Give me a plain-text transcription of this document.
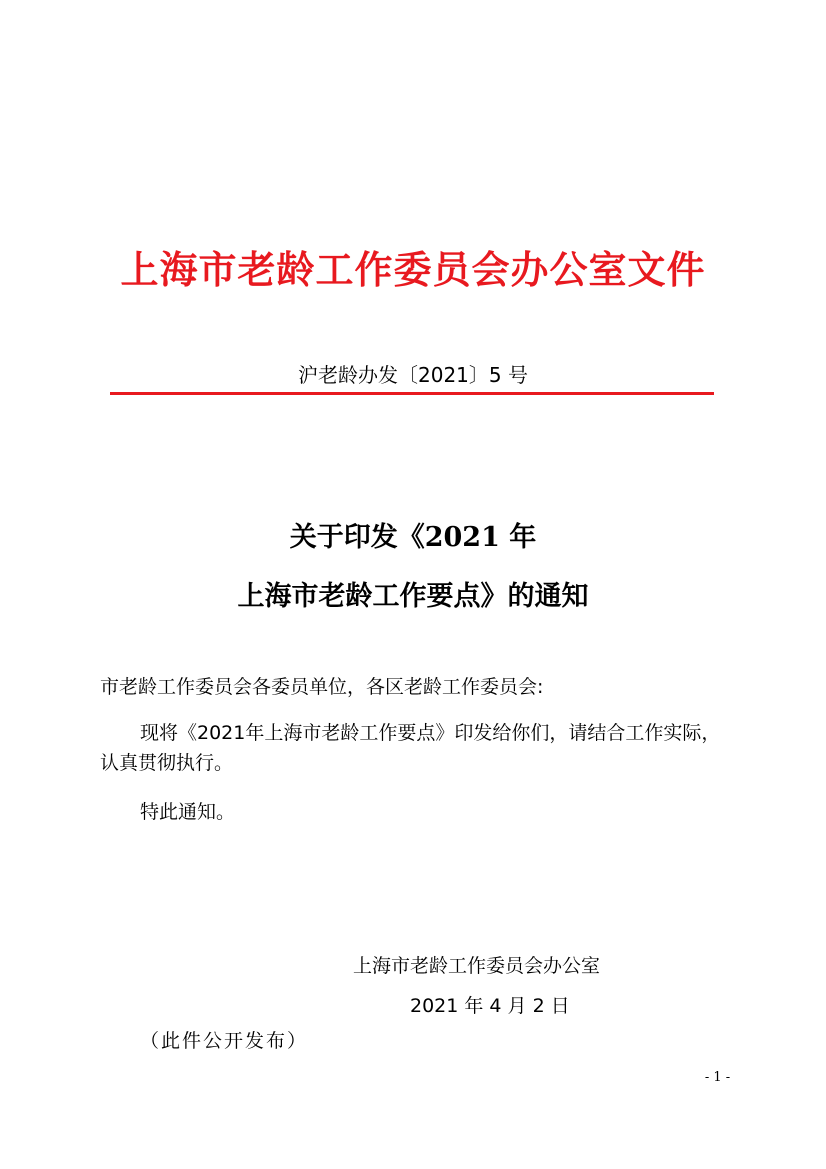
上海市老龄工作委员会办公室文件
沪老龄办发〔2021〕5 号
关于印发《2021 年
上海市老龄工作要点》的通知
市老龄工作委员会各委员单位，各区老龄工作委员会:
现将《2021年上海市老龄工作要点》印发给你们，请结合工作实际，认真贯彻执行。
特此通知。
上海市老龄工作委员会办公室
2021 年 4 月 2 日
（此件公开发布）
- 1 -
